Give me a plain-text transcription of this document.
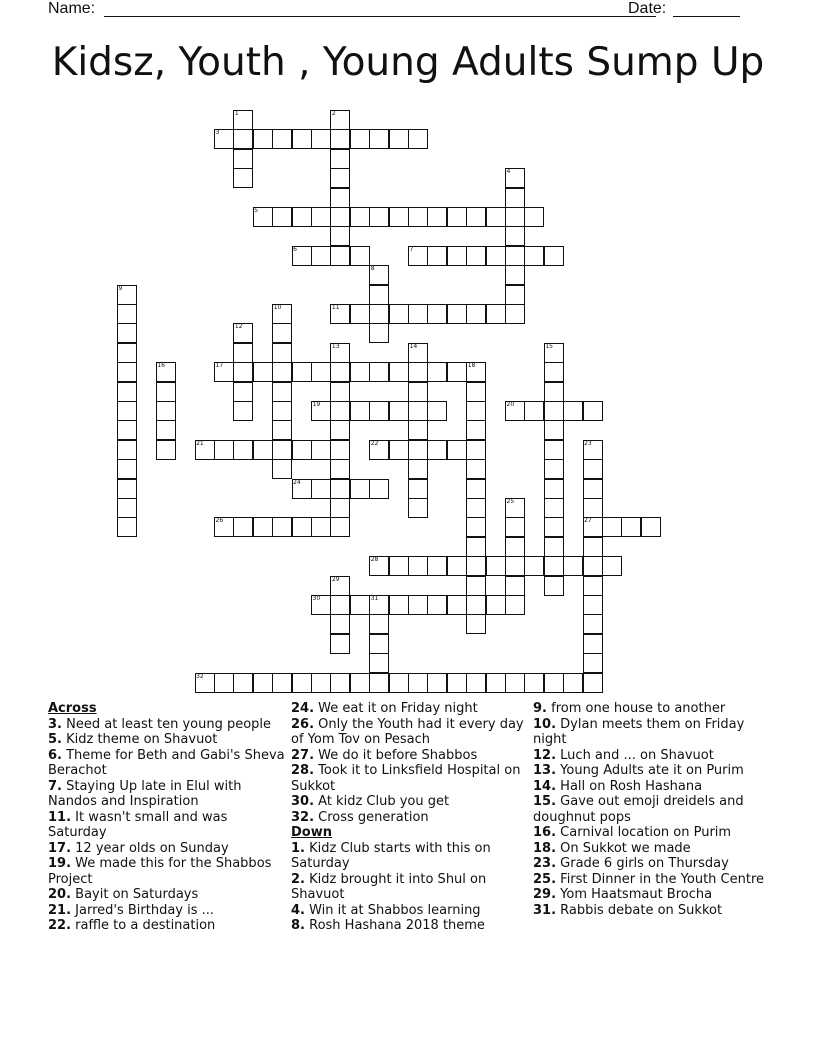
Name:	Date:
Kidsz, Youth , Young Adults Sump Up
3
5
6	7
11
17
19	20
21	22
24
26	27
28
30
32
1	2
4
8
9
10
12
13	14	15
16	18
23
25
29
31
Across
3. Need at least ten young people
5. Kidz theme on Shavuot
6. Theme for Beth and Gabi's Sheva Berachot
7. Staying Up late in Elul with Nandos and Inspiration
11. It wasn't small and was Saturday
17. 12 year olds on Sunday
19. We made this for the Shabbos Project
20. Bayit on Saturdays
21. Jarred's Birthday is ...
22. raffle to a destination
24. We eat it on Friday night
26. Only the Youth had it every day of Yom Tov on Pesach
27. We do it before Shabbos
28. Took it to Linksfield Hospital on Sukkot
30. At kidz Club you get
32. Cross generation
Down
1. Kidz Club starts with this on Saturday
2. Kidz brought it into Shul on Shavuot
4. Win it at Shabbos learning
8. Rosh Hashana 2018 theme
9. from one house to another
10. Dylan meets them on Friday night
12. Luch and ... on Shavuot
13. Young Adults ate it on Purim
14. Hall on Rosh Hashana
15. Gave out emoji dreidels and doughnut pops
16. Carnival location on Purim
18. On Sukkot we made
23. Grade 6 girls on Thursday
25. First Dinner in the Youth Centre
29. Yom Haatsmaut Brocha
31. Rabbis debate on Sukkot
